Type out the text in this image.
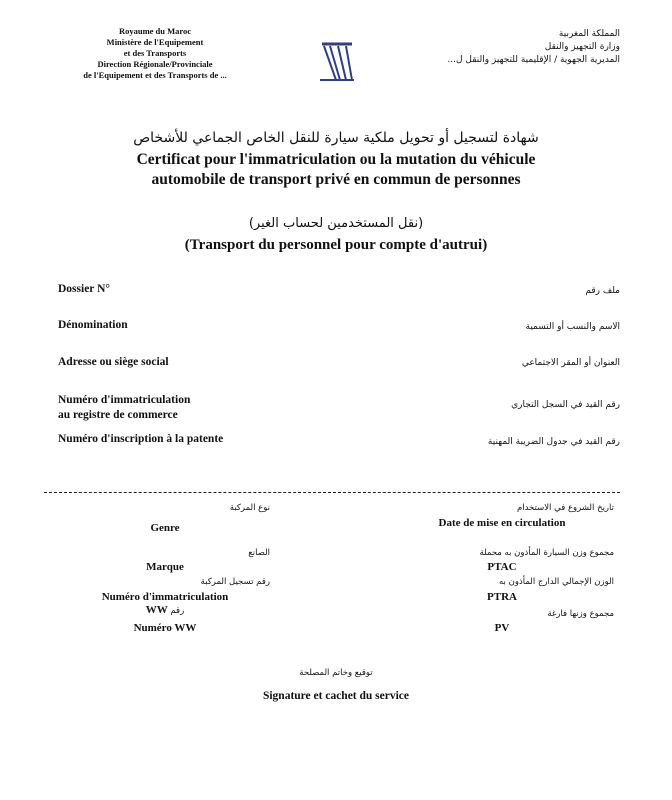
Royaume du Maroc
Ministère de l'Equipement
et des Transports
Direction Régionale/Provinciale
de l'Equipement et des Transports de ...
المملكة المغربية
وزارة التجهيز والنقل
المديرية الجهوية / الإقليمية للتجهيز والنقل ل...
شهادة لتسجيل أو تحويل ملكية سيارة للنقل الخاص الجماعي للأشخاص
Certificat pour l'immatriculation ou la mutation du véhicule
automobile de transport privé en commun de personnes
(نقل المستخدمين لحساب الغير)
(Transport du personnel pour compte d'autrui)
Dossier N°	ملف رقم
Dénomination	الاسم والنسب أو التسمية
Adresse ou siège social	العنوان أو المقر الاجتماعي
Numéro d'immatriculation
au registre de commerce
رقم القيد في السجل التجاري
Numéro d'inscription à la patente	رقم القيد في جدول الضريبة المهنية
نوع المركبة
Genre
الصانع
Marque
رقم تسجيل المركبة
Numéro d'immatriculation
WW رقم
Numéro WW
تاريخ الشروع في الاستخدام
Date de mise en circulation
مجموع وزن السيارة المأذون به محملة
PTAC
الوزن الإجمالي الدارج المأذون به
PTRA
مجموع وزنها فارغة
PV
توقيع وخاتم المصلحة
Signature et cachet du service
